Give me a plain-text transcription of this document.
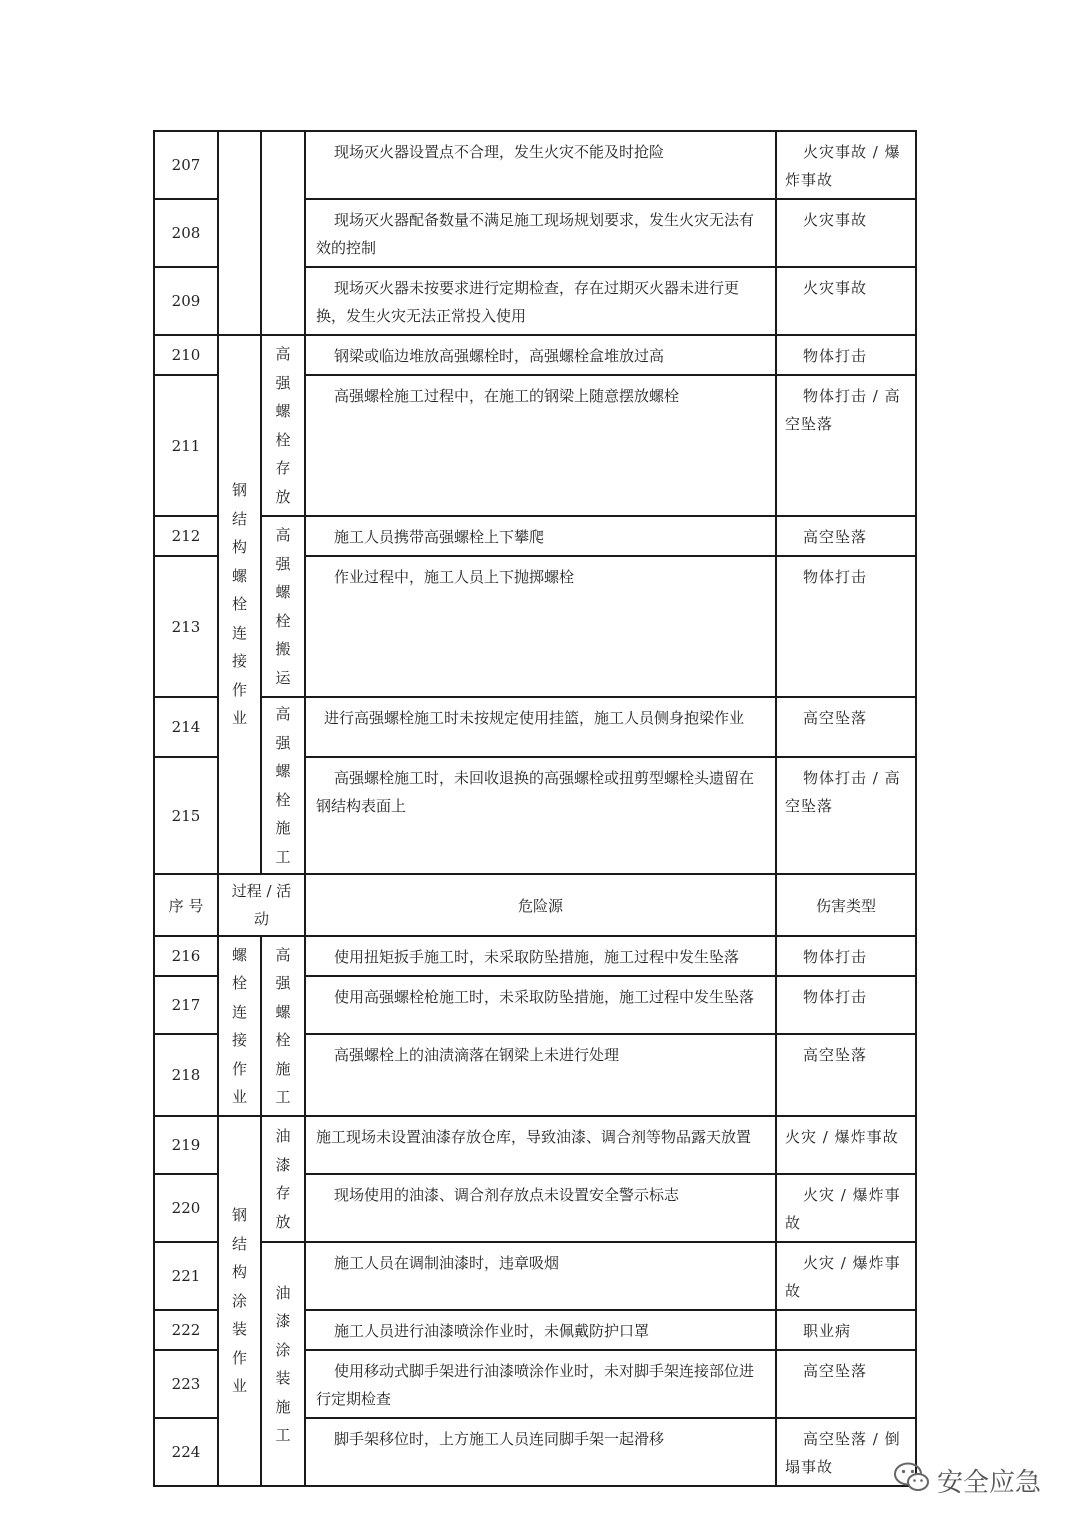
207			现场灭火器设置点不合理，发生火灾不能及时抢险	火灾事故 / 爆炸事故
208			现场灭火器配备数量不满足施工现场规划要求，发生火灾无法有效的控制	火灾事故
209			现场灭火器未按要求进行定期检查，存在过期灭火器未进行更换，发生火灾无法正常投入使用	火灾事故
210	钢结构螺栓连接作业	高强螺栓存放	钢梁或临边堆放高强螺栓时，高强螺栓盒堆放过高	物体打击
211			高强螺栓施工过程中，在施工的钢梁上随意摆放螺栓	物体打击 / 高空坠落
212		高强螺栓搬运	施工人员携带高强螺栓上下攀爬	高空坠落
213			作业过程中，施工人员上下抛掷螺栓	物体打击
214		高强螺栓施工	进行高强螺栓施工时未按规定使用挂篮，施工人员侧身抱梁作业	高空坠落
215			高强螺栓施工时，未回收退换的高强螺栓或扭剪型螺栓头遗留在钢结构表面上	物体打击 / 高空坠落
序 号	过程 / 活动		危险源	伤害类型
216	螺栓连接作业	高强螺栓施工	使用扭矩扳手施工时，未采取防坠措施，施工过程中发生坠落	物体打击
217			使用高强螺栓枪施工时，未采取防坠措施，施工过程中发生坠落	物体打击
218			高强螺栓上的油渍滴落在钢梁上未进行处理	高空坠落
219	钢结构涂装作业	油漆存放	施工现场未设置油漆存放仓库，导致油漆、调合剂等物品露天放置	火灾 / 爆炸事故
220			现场使用的油漆、调合剂存放点未设置安全警示标志	火灾 / 爆炸事故
221		油漆涂装施工	施工人员在调制油漆时，违章吸烟	火灾 / 爆炸事故
222			施工人员进行油漆喷涂作业时，未佩戴防护口罩	职业病
223			使用移动式脚手架进行油漆喷涂作业时，未对脚手架连接部位进行定期检查	高空坠落
224			脚手架移位时，上方施工人员连同脚手架一起滑移	高空坠落 / 倒塌事故
安全应急
